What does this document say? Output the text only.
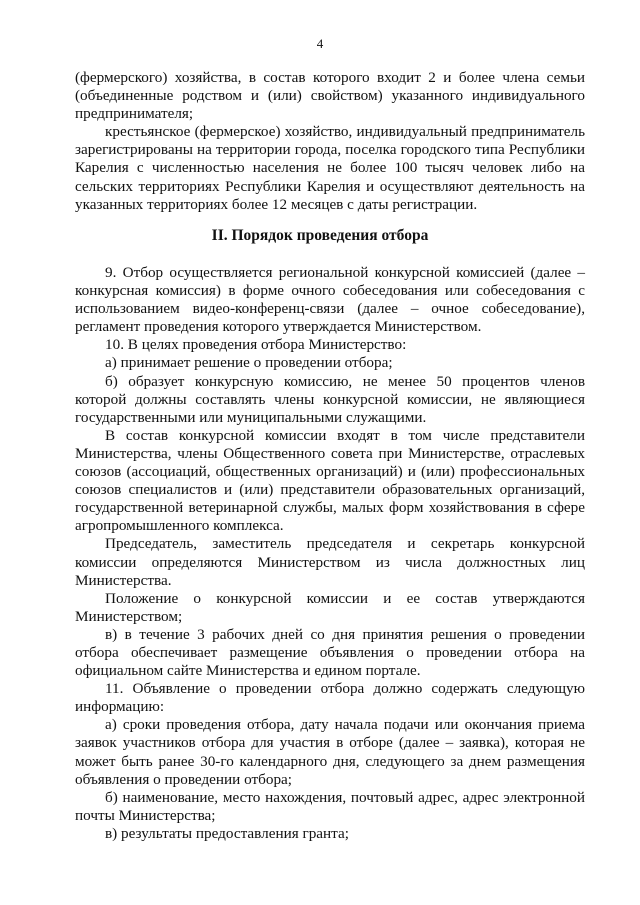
4

(фермерского) хозяйства, в состав которого входит 2 и более члена семьи (объединенные родством и (или) свойством) указанного индивидуального предпринимателя;

крестьянское (фермерское) хозяйство, индивидуальный предприниматель зарегистрированы на территории города, поселка городского типа Республики Карелия с численностью населения не более 100 тысяч человек либо на сельских территориях Республики Карелия и осуществляют деятельность на указанных территориях более 12 месяцев с даты регистрации.

II. Порядок проведения отбора

9. Отбор осуществляется региональной конкурсной комиссией (далее – конкурсная комиссия) в форме очного собеседования или собеседования с использованием видео-конференц-связи (далее – очное собеседование), регламент проведения которого утверждается Министерством.

10. В целях проведения отбора Министерство:

а) принимает решение о проведении отбора;

б) образует конкурсную комиссию, не менее 50 процентов членов которой должны составлять члены конкурсной комиссии, не являющиеся государственными или муниципальными служащими.

В состав конкурсной комиссии входят в том числе представители Министерства, члены Общественного совета при Министерстве, отраслевых союзов (ассоциаций, общественных организаций) и (или) профессиональных союзов специалистов и (или) представители образовательных организаций, государственной ветеринарной службы, малых форм хозяйствования в сфере агропромышленного комплекса.

Председатель, заместитель председателя и секретарь конкурсной комиссии определяются Министерством из числа должностных лиц Министерства.

Положение о конкурсной комиссии и ее состав утверждаются Министерством;

в) в течение 3 рабочих дней со дня принятия решения о проведении отбора обеспечивает размещение объявления о проведении отбора на официальном сайте Министерства и едином портале.

11. Объявление о проведении отбора должно содержать следующую информацию:

а) сроки проведения отбора, дату начала подачи или окончания приема заявок участников отбора для участия в отборе (далее – заявка), которая не может быть ранее 30-го календарного дня, следующего за днем размещения объявления о проведении отбора;

б) наименование, место нахождения, почтовый адрес, адрес электронной почты Министерства;

в) результаты предоставления гранта;
